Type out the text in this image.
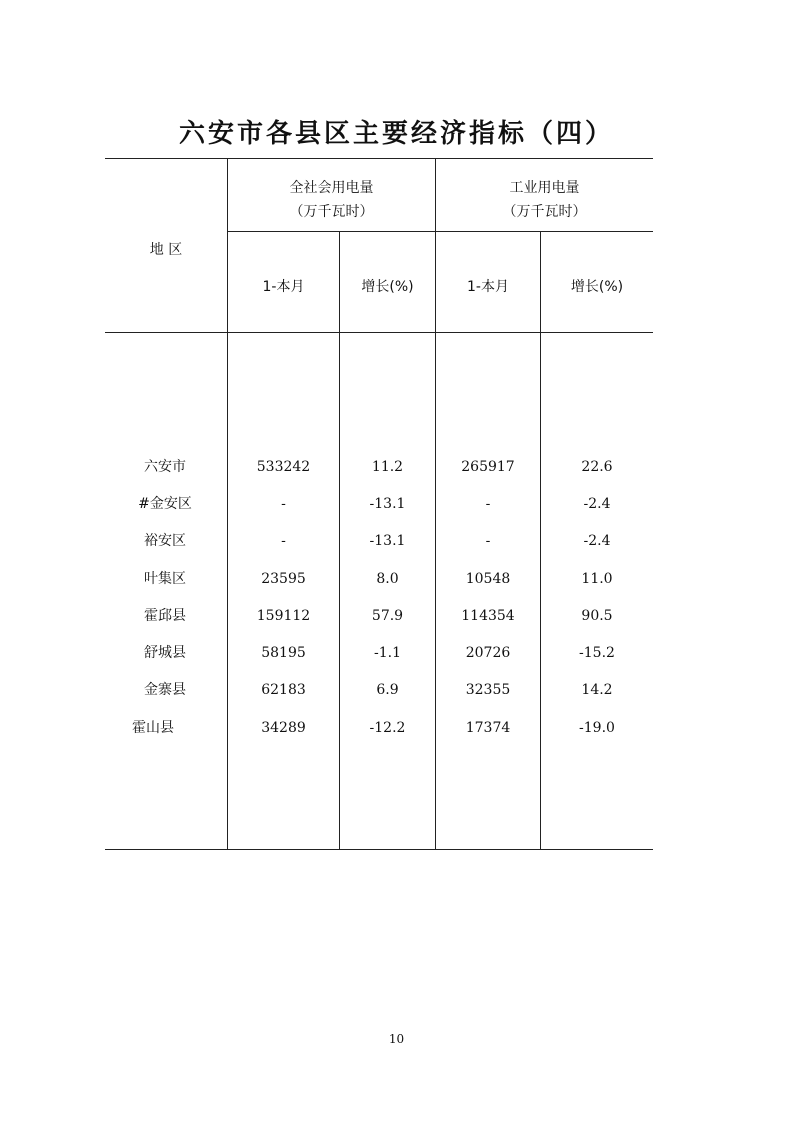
六安市各县区主要经济指标（四）
地 区
全社会用电量
（万千瓦时）
工业用电量
（万千瓦时）
1-本月	增长(%)	1-本月	增长(%)
六安市	533242	11.2	265917	22.6
#金安区	-	-13.1	-	-2.4
裕安区	-	-13.1	-	-2.4
叶集区	23595	8.0	10548	11.0
霍邱县	159112	57.9	114354	90.5
舒城县	58195	-1.1	20726	-15.2
金寨县	62183	6.9	32355	14.2
霍山县	34289	-12.2	17374	-19.0
10
